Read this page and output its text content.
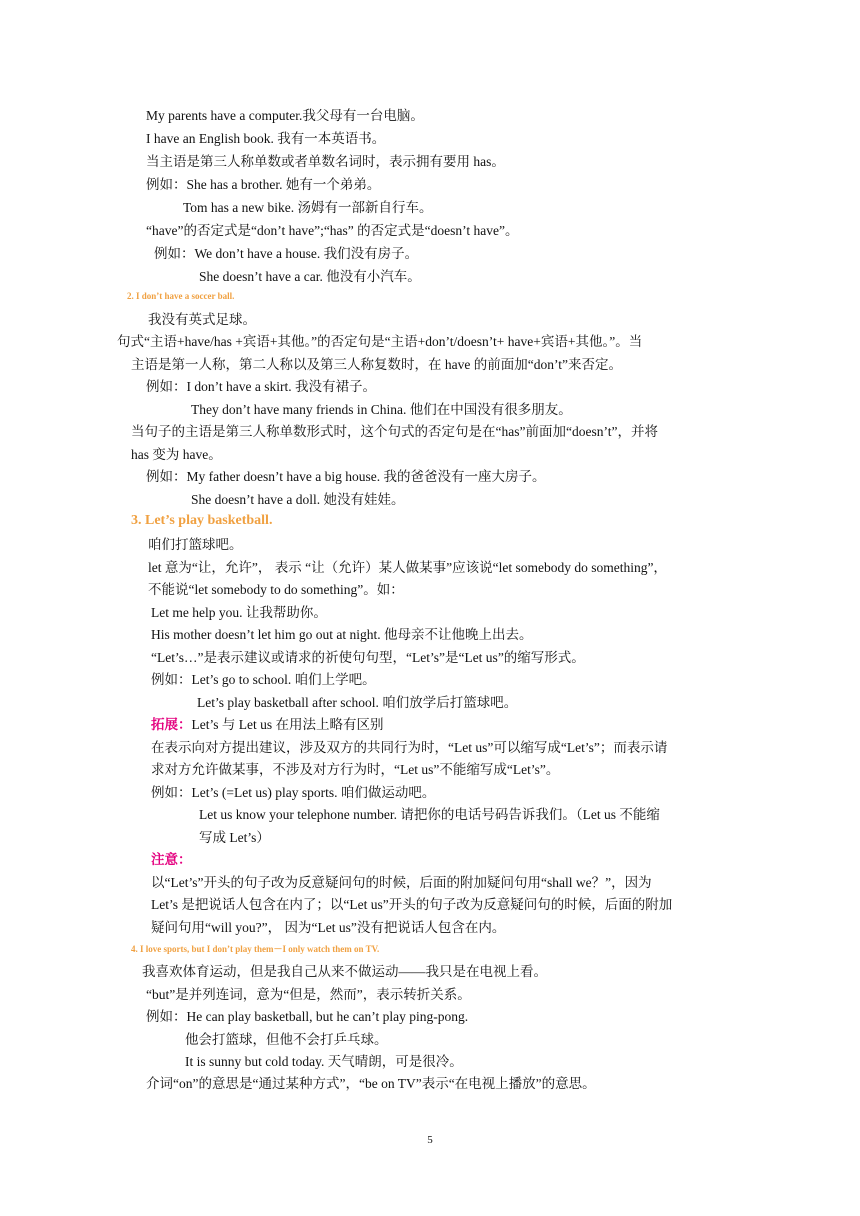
My parents have a computer.我父母有一台电脑。
I have an English book. 我有一本英语书。
当主语是第三人称单数或者单数名词时，表示拥有要用 has。
例如：She has a brother. 她有一个弟弟。
Tom has a new bike. 汤姆有一部新自行车。
“have”的否定式是“don’t have”;“has” 的否定式是“doesn’t have”。
例如：We don’t have a house. 我们没有房子。
She doesn’t have a car. 他没有小汽车。
2. I don’t have a soccer ball.
我没有英式足球。
句式“主语+have/has +宾语+其他。”的否定句是“主语+don’t/doesn’t+ have+宾语+其他。”。当
主语是第一人称，第二人称以及第三人称复数时，在 have 的前面加“don’t”来否定。
例如：I don’t have a skirt. 我没有裙子。
They don’t have many friends in China. 他们在中国没有很多朋友。
当句子的主语是第三人称单数形式时，这个句式的否定句是在“has”前面加“doesn’t”，并将
has 变为 have。
例如：My father doesn’t have a big house. 我的爸爸没有一座大房子。
She doesn’t have a doll. 她没有娃娃。
3. Let’s play basketball.
咱们打篮球吧。
let 意为“让，允许”， 表示 “让（允许）某人做某事”应该说“let somebody do something”，
不能说“let somebody to do something”。如：
Let me help you. 让我帮助你。
His mother doesn’t let him go out at night. 他母亲不让他晚上出去。
“Let’s…”是表示建议或请求的祈使句句型，“Let’s”是“Let us”的缩写形式。
例如：Let’s go to school. 咱们上学吧。
Let’s play basketball after school. 咱们放学后打篮球吧。
拓展：Let’s 与 Let us 在用法上略有区别
在表示向对方提出建议，涉及双方的共同行为时，“Let us”可以缩写成“Let’s”；而表示请
求对方允许做某事，不涉及对方行为时，“Let us”不能缩写成“Let’s”。
例如：Let’s (=Let us) play sports. 咱们做运动吧。
Let us know your telephone number. 请把你的电话号码告诉我们。（Let us 不能缩
写成 Let’s）
注意：
以“Let’s”开头的句子改为反意疑问句的时候，后面的附加疑问句用“shall we？”，因为
Let’s 是把说话人包含在内了；以“Let us”开头的句子改为反意疑问句的时候，后面的附加
疑问句用“will you?”， 因为“Let us”没有把说话人包含在内。
4. I love sports, but I don’t play them－I only watch them on TV.
我喜欢体育运动，但是我自己从来不做运动——我只是在电视上看。
“but”是并列连词，意为“但是，然而”，表示转折关系。
例如：He can play basketball, but he can’t play ping-pong.
他会打篮球，但他不会打乒乓球。
It is sunny but cold today. 天气晴朗，可是很冷。
介词“on”的意思是“通过某种方式”，“be on TV”表示“在电视上播放”的意思。
5
